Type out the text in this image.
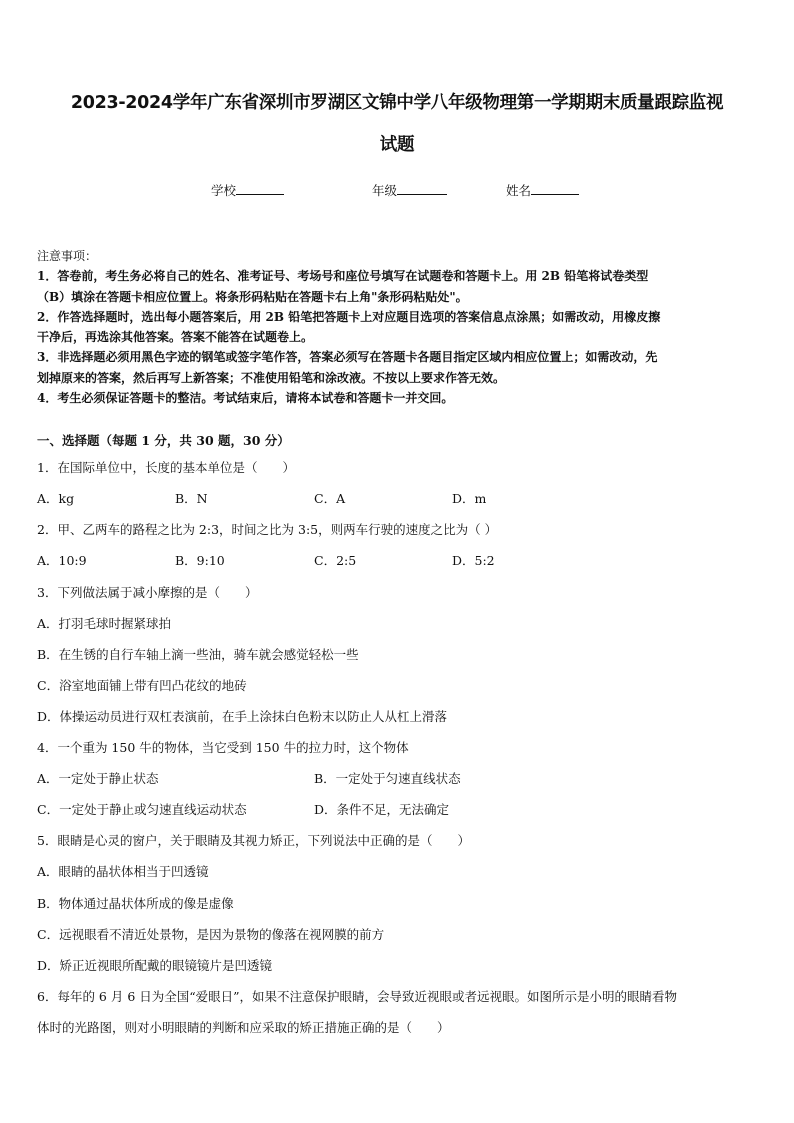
2023-2024学年广东省深圳市罗湖区文锦中学八年级物理第一学期期末质量跟踪监视
试题
学校	年级	姓名
注意事项：
1．答卷前，考生务必将自己的姓名、准考证号、考场号和座位号填写在试题卷和答题卡上。用 2B 铅笔将试卷类型
（B）填涂在答题卡相应位置上。将条形码粘贴在答题卡右上角"条形码粘贴处"。
2．作答选择题时，选出每小题答案后，用 2B 铅笔把答题卡上对应题目选项的答案信息点涂黑；如需改动，用橡皮擦
干净后，再选涂其他答案。答案不能答在试题卷上。
3．非选择题必须用黑色字迹的钢笔或签字笔作答，答案必须写在答题卡各题目指定区域内相应位置上；如需改动，先
划掉原来的答案，然后再写上新答案；不准使用铅笔和涂改液。不按以上要求作答无效。
4．考生必须保证答题卡的整洁。考试结束后，请将本试卷和答题卡一并交回。
一、选择题（每题 1 分，共 30 题，30 分）
1．在国际单位中，长度的基本单位是（　　）
A．kg	B．N	C．A	D．m
2．甲、乙两车的路程之比为 2:3，时间之比为 3:5，则两车行驶的速度之比为（ ）
A．10:9	B．9:10	C．2:5	D．5:2
3．下列做法属于减小摩擦的是（　　）
A．打羽毛球时握紧球拍
B．在生锈的自行车轴上滴一些油，骑车就会感觉轻松一些
C．浴室地面铺上带有凹凸花纹的地砖
D．体操运动员进行双杠表演前，在手上涂抹白色粉末以防止人从杠上滑落
4．一个重为 150 牛的物体，当它受到 150 牛的拉力时，这个物体
A．一定处于静止状态	B．一定处于匀速直线状态
C．一定处于静止或匀速直线运动状态	D．条件不足，无法确定
5．眼睛是心灵的窗户，关于眼睛及其视力矫正，下列说法中正确的是（　　）
A．眼睛的晶状体相当于凹透镜
B．物体通过晶状体所成的像是虚像
C．远视眼看不清近处景物，是因为景物的像落在视网膜的前方
D．矫正近视眼所配戴的眼镜镜片是凹透镜
6．每年的 6 月 6 日为全国“爱眼日”，如果不注意保护眼睛，会导致近视眼或者远视眼。如图所示是小明的眼睛看物
体时的光路图，则对小明眼睛的判断和应采取的矫正措施正确的是（　　）
